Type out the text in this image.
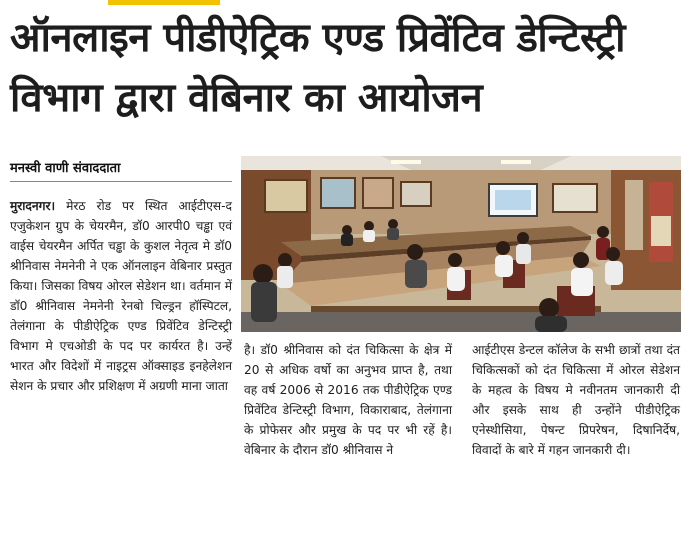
ऑनलाइन पीडीऐट्रिक एण्ड प्रिवेंटिव डेन्टिस्ट्री
विभाग द्वारा वेबिनार का आयोजन
मनस्वी वाणी संवाददाता
मुरादनगर। मेरठ रोड पर स्थित आईटीएस-द एजुकेशन ग्रुप के चेयरमैन, डॉ0 आरपी0 चड्ढा एवं वाईस चेयरमैन अर्पित चड्ढा के कुशल नेतृत्व मे डॉ0 श्रीनिवास नेमनेनी ने एक ऑनलाइन वेबिनार प्रस्तुत किया। जिसका विषय ओरल सेडेशन था। वर्तमान में डॉ0 श्रीनिवास नेमनेनी रेनबो चिल्ड्रन हॉस्पिटल, तेलंगाना के पीडीऐट्रिक एण्ड प्रिवेंटिव डेन्टिस्ट्री विभाग मे एचओडी के पद पर कार्यरत है। उन्हें भारत और विदेशों में नाइट्रस ऑक्साइड इनहेलेशन सेशन के प्रचार और प्रशिक्षण में अग्रणी माना जाता
है। डॉ0 श्रीनिवास को दंत चिकित्सा के क्षेत्र में 20 से अधिक वर्षो का अनुभव प्राप्त है, तथा वह वर्ष 2006 से 2016 तक पीडीऐट्रिक एण्ड प्रिवेंटिव डेन्टिस्ट्री विभाग, विकाराबाद, तेलंगाना के प्रोफेसर और प्रमुख के पद पर भी रहें है। वेबिनार के दौरान डॉ0 श्रीनिवास ने
आईटीएस डेन्टल कॉलेज के सभी छात्रों तथा दंत चिकित्सकों को दंत चिकित्सा में ओरल सेडेशन के महत्व के विषय मे नवीनतम जानकारी दी और इसके साथ ही उन्होंने पीडीऐट्रिक एनेस्थीसिया, पेषन्ट प्रिपरेषन, दिषानिर्देष, विवादों के बारे में गहन जानकारी दी।
